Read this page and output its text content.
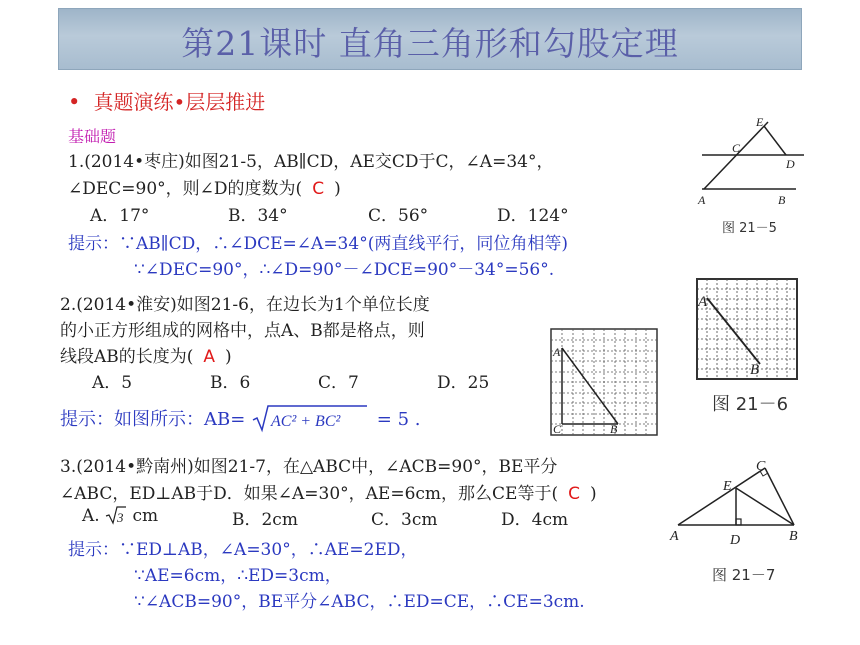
第21课时 直角三角形和勾股定理
• 真题演练•层层推进
基础题
1.(2014•枣庄)如图21-5，AB∥CD，AE交CD于C，∠A=34°，
∠DEC=90°，则∠D的度数为( C )
A．17°	B．34°	C．56°	D．124°
提示：∵AB∥CD，∴∠DCE=∠A=34°(两直线平行，同位角相等)
∵∠DEC=90°，∴∠D=90°－∠DCE=90°－34°=56°.
E
C
D
A	B
图 21－5
2.(2014•淮安)如图21-6，在边长为1个单位长度
的小正方形组成的网格中，点A、B都是格点，则
线段AB的长度为( A )
A．5	B．6	C．7	D．25
提示：如图所示：AB= AC² + BC² = 5 .
A
C	B
A
B
图 21－6
3.(2014•黔南州)如图21-7，在△ABC中，∠ACB=90°，BE平分
∠ABC，ED⊥AB于D．如果∠A=30°，AE=6cm，那么CE等于( C )
A. 3 cm	B．2cm	C．3cm	D．4cm
提示：∵ED⊥AB，∠A=30°，∴AE=2ED，
∵AE=6cm，∴ED=3cm，
∵∠ACB=90°，BE平分∠ABC，∴ED=CE，∴CE=3cm.
C
E
A	D	B
图 21－7
